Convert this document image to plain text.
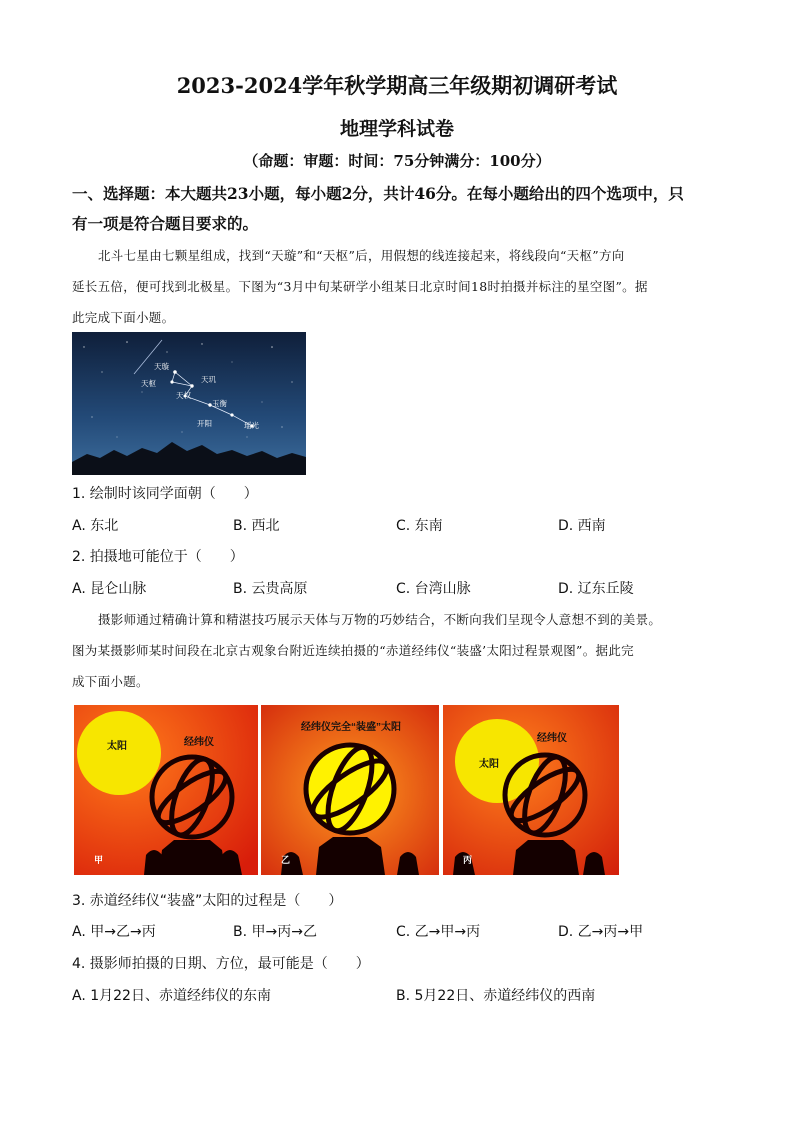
2023-2024学年秋学期高三年级期初调研考试
地理学科试卷
（命题：审题：时间：75分钟满分：100分）
一、选择题：本大题共23小题，每小题2分，共计46分。在每小题给出的四个选项中，只
有一项是符合题目要求的。
北斗七星由七颗星组成，找到“天璇”和“天枢”后，用假想的线连接起来，将线段向“天枢”方向
延长五倍，便可找到北极星。下图为“3月中旬某研学小组某日北京时间18时拍摄并标注的星空图”。据
此完成下面小题。
天璇
天枢	天玑
天权
玉衡
开阳	瑶光
1. 绘制时该同学面朝（　　）
A. 东北	B. 西北	C. 东南	D. 西南
2. 拍摄地可能位于（　　）
A. 昆仑山脉	B. 云贵高原	C. 台湾山脉	D. 辽东丘陵
摄影师通过精确计算和精湛技巧展示天体与万物的巧妙结合，不断向我们呈现令人意想不到的美景。
图为某摄影师某时间段在北京古观象台附近连续拍摄的“赤道经纬仪“装盛’太阳过程景观图”。据此完
成下面小题。
太阳	经纬仪
甲
经纬仪完全“装盛”太阳
乙
太阳
经纬仪
丙
3. 赤道经纬仪“装盛”太阳的过程是（　　）
A. 甲→乙→丙	B. 甲→丙→乙	C. 乙→甲→丙	D. 乙→丙→甲
4. 摄影师拍摄的日期、方位，最可能是（　　）
A. 1月22日、赤道经纬仪的东南	B. 5月22日、赤道经纬仪的西南
